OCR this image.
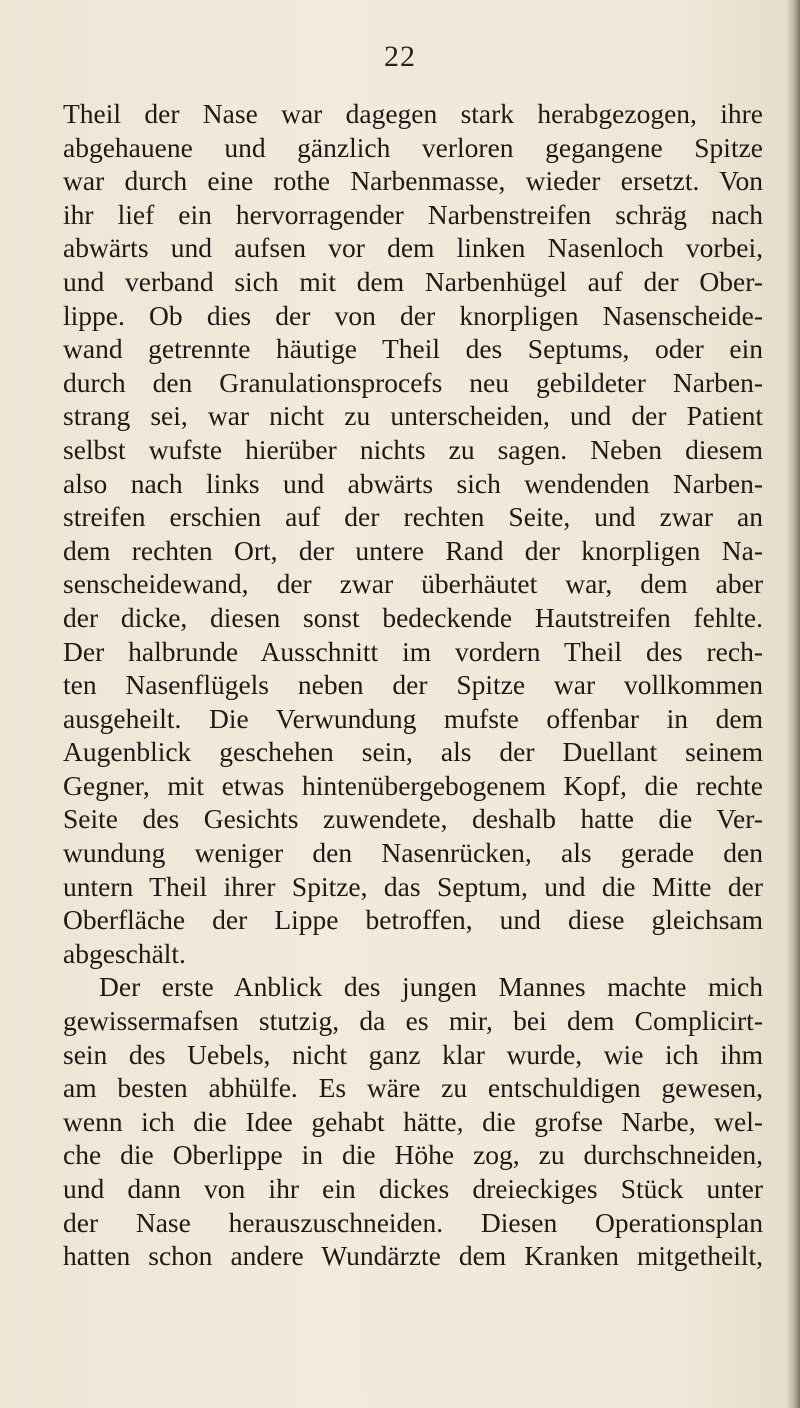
22
Theil der Nase war dagegen stark herabgezogen, ihre
abgehauene und gänzlich verloren gegangene Spitze
war durch eine rothe Narbenmasse, wieder ersetzt. Von
ihr lief ein hervorragender Narbenstreifen schräg nach
abwärts und aufsen vor dem linken Nasenloch vorbei,
und verband sich mit dem Narbenhügel auf der Ober-
lippe. Ob dies der von der knorpligen Nasenscheide-
wand getrennte häutige Theil des Septums, oder ein
durch den Granulationsprocefs neu gebildeter Narben-
strang sei, war nicht zu unterscheiden, und der Patient
selbst wufste hierüber nichts zu sagen. Neben diesem
also nach links und abwärts sich wendenden Narben-
streifen erschien auf der rechten Seite, und zwar an
dem rechten Ort, der untere Rand der knorpligen Na-
senscheidewand, der zwar überhäutet war, dem aber
der dicke, diesen sonst bedeckende Hautstreifen fehlte.
Der halbrunde Ausschnitt im vordern Theil des rech-
ten Nasenflügels neben der Spitze war vollkommen
ausgeheilt. Die Verwundung mufste offenbar in dem
Augenblick geschehen sein, als der Duellant seinem
Gegner, mit etwas hintenübergebogenem Kopf, die rechte
Seite des Gesichts zuwendete, deshalb hatte die Ver-
wundung weniger den Nasenrücken, als gerade den
untern Theil ihrer Spitze, das Septum, und die Mitte der
Oberfläche der Lippe betroffen, und diese gleichsam
abgeschält.
Der erste Anblick des jungen Mannes machte mich
gewissermafsen stutzig, da es mir, bei dem Complicirt-
sein des Uebels, nicht ganz klar wurde, wie ich ihm
am besten abhülfe. Es wäre zu entschuldigen gewesen,
wenn ich die Idee gehabt hätte, die grofse Narbe, wel-
che die Oberlippe in die Höhe zog, zu durchschneiden,
und dann von ihr ein dickes dreieckiges Stück unter
der Nase herauszuschneiden. Diesen Operationsplan
hatten schon andere Wundärzte dem Kranken mitgetheilt,
